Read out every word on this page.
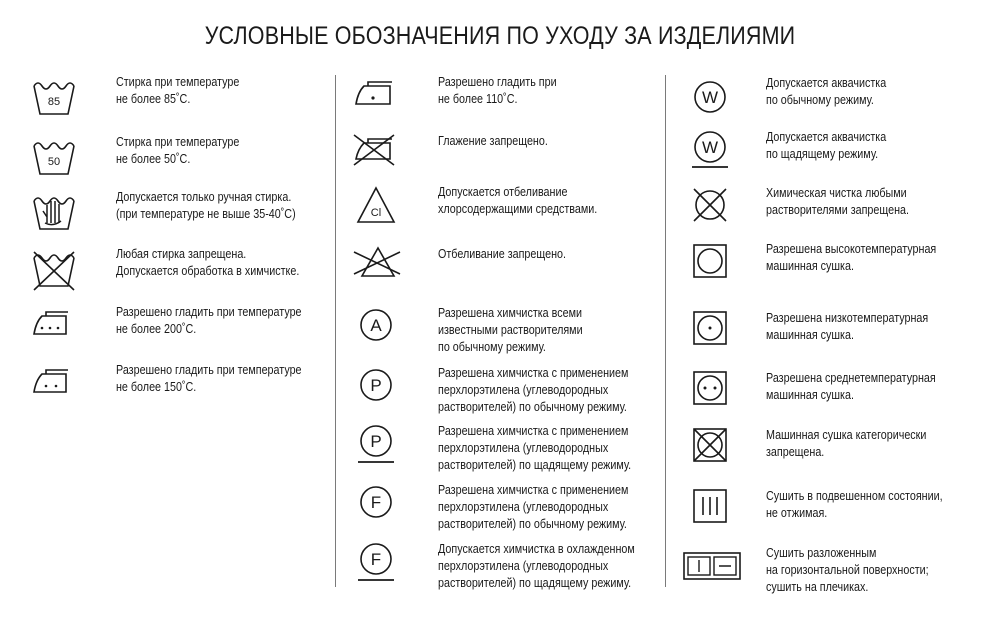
УСЛОВНЫЕ ОБОЗНАЧЕНИЯ ПО УХОДУ ЗА ИЗДЕЛИЯМИ
85
Стирка при температуре
не более 85˚С.
50
Стирка при температуре
не более 50˚С.
Допускается только ручная стирка.
(при температуре не выше 35-40˚С)
Любая стирка запрещена.
Допускается обработка в химчистке.
Разрешено гладить при температуре
не более 200˚С.
Разрешено гладить при температуре
не более 150˚С.
Разрешено гладить при
не более 110˚С.
Глажение запрещено.
Cl
Допускается отбеливание
хлорсодержащими средствами.
Отбеливание запрещено.
A
Разрешена химчистка всеми
известными растворителями
по обычному режиму.
P
Разрешена химчистка с применением
перхлорэтилена (углеводородных
растворителей) по обычному режиму.
P
Разрешена химчистка с применением
перхлорэтилена (углеводородных
растворителей) по щадящему режиму.
F
Разрешена химчистка с применением
перхлорэтилена (углеводородных
растворителей) по обычному режиму.
F
Допускается химчистка в охлажденном
перхлорэтилена (углеводородных
растворителей) по щадящему режиму.
W
Допускается аквачистка
по обычному режиму.
W
Допускается аквачистка
по щадящему режиму.
Химическая чистка любыми
растворителями запрещена.
Разрешена высокотемпературная
машинная сушка.
Разрешена низкотемпературная
машинная сушка.
Разрешена среднетемпературная
машинная сушка.
Машинная сушка категорически
запрещена.
Сушить в подвешенном состоянии,
не отжимая.
Сушить разложенным
на горизонтальной поверхности;
сушить на плечиках.
